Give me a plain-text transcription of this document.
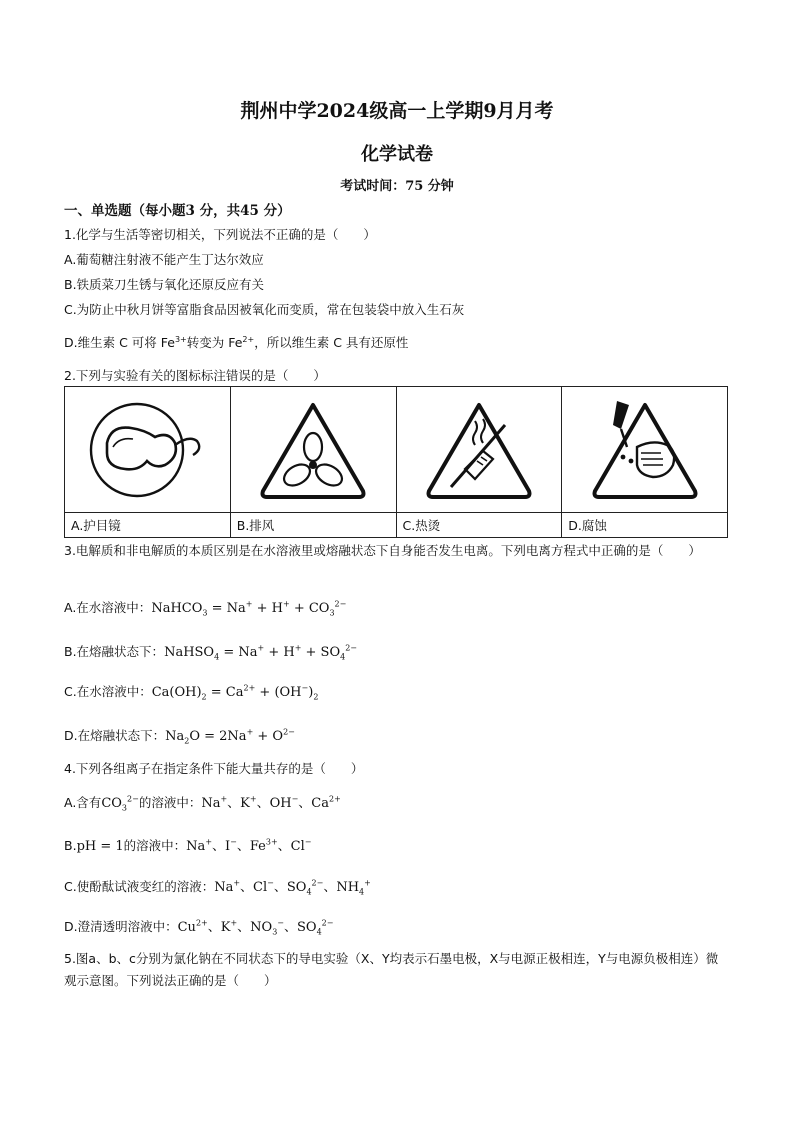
荆州中学2024级高一上学期9月月考
化学试卷
考试时间：75 分钟
一、单选题（每小题3 分，共45 分）
1.化学与生活等密切相关，下列说法不正确的是（　　）
A.葡萄糖注射液不能产生丁达尔效应
B.铁质菜刀生锈与氧化还原反应有关
C.为防止中秋月饼等富脂食品因被氧化而变质，常在包装袋中放入生石灰
D.维生素 C 可将 $Fe^{3+}$转变为 $Fe^{2+}$，所以维生素 C 具有还原性
2.下列与实验有关的图标标注错误的是（　　）

A.护目镜	B.排风	C.热烫	D.腐蚀
3.电解质和非电解质的本质区别是在水溶液里或熔融状态下自身能否发生电离。下列电离方程式中正确的是（　　）
A.在水溶液中：NaHCO$_3$ = $Na^+ + H^+ + CO_3^{2-}$
B.在熔融状态下：NaHSO$_4$ = $Na^+ + H^+ + SO_4^{2-}$
C.在水溶液中：$Ca(OH)_2 = Ca^{2+} + (OH^-)_2$
D.在熔融状态下：$Na_2O = 2Na^+ + O^{2-}$
4.下列各组离子在指定条件下能大量共存的是（　　）
A.含有$CO_3^{2-}$的溶液中：Na+、K+、OH−、$Ca^{2+}$
B.pH = 1的溶液中：Na+、I−、$Fe^{3+}$、Cl−
C.使酚酞试液变红的溶液：Na+、Cl−、$SO_4^{2-}$、$NH_4^+$
D.澄清透明溶液中：$Cu^{2+}$、K+、$NO_3^-$、$SO_4^{2-}$
5.图a、b、c分别为氯化钠在不同状态下的导电实验（X、Y均表示石墨电极，X与电源正极相连，Y与电源负极相连）微观示意图。下列说法正确的是（　　）
